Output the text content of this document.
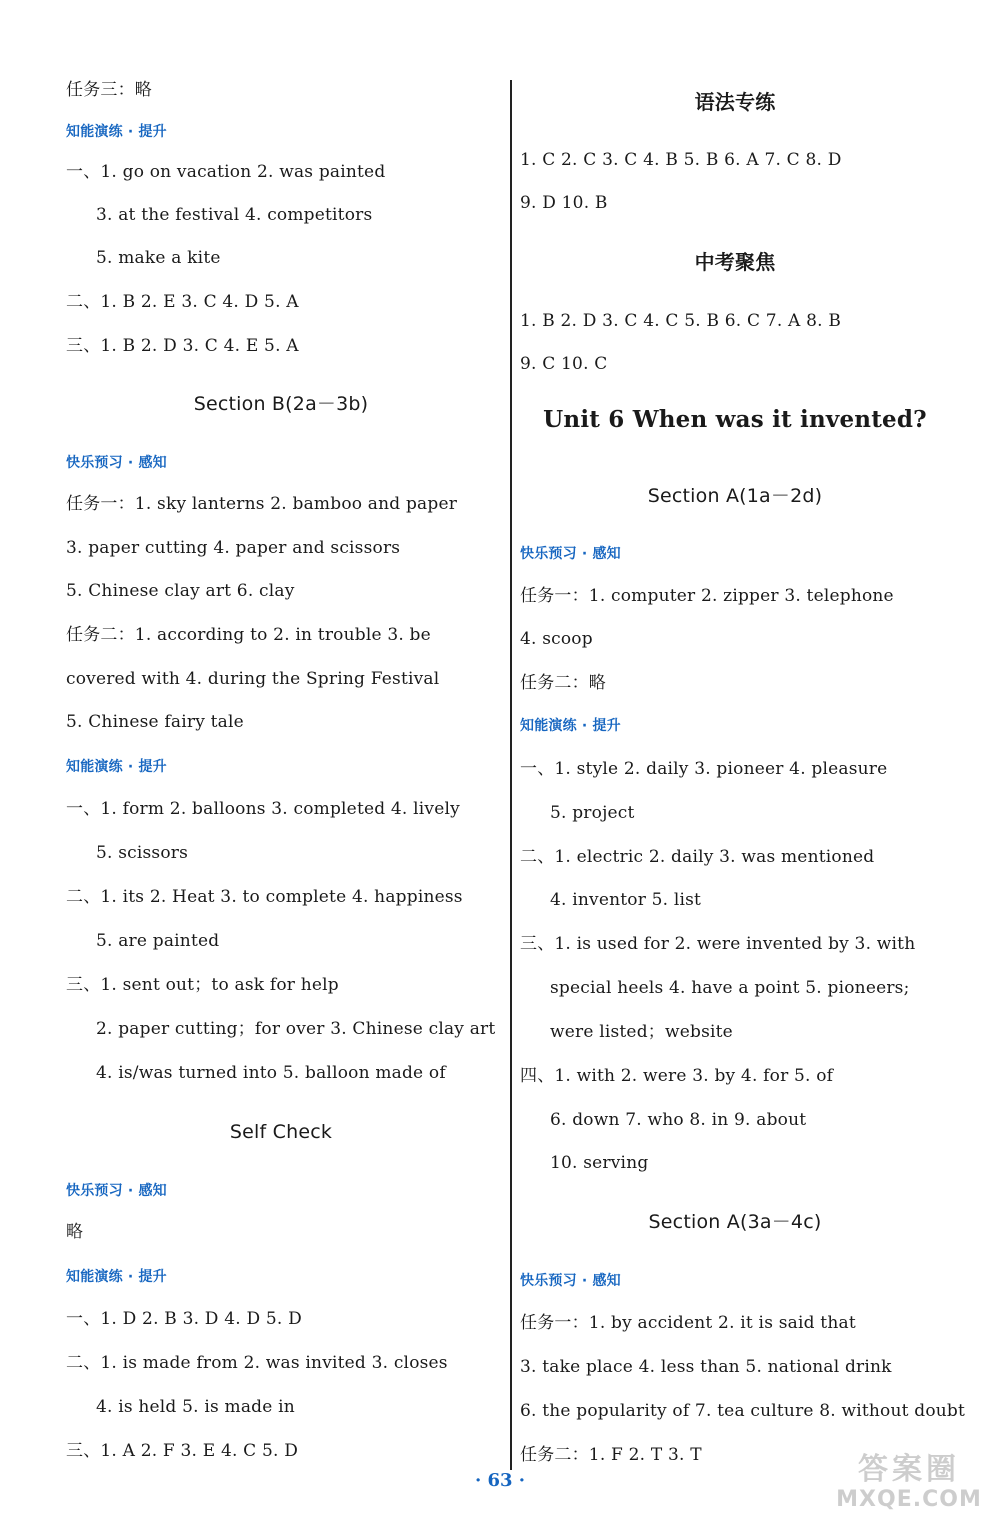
任务三：略
知能演练 · 提升
一、1. go on vacation 2. was painted
3. at the festival 4. competitors
5. make a kite
二、1. B 2. E 3. C 4. D 5. A
三、1. B 2. D 3. C 4. E 5. A
Section B(2a－3b)
快乐预习 · 感知
任务一：1. sky lanterns 2. bamboo and paper
3. paper cutting 4. paper and scissors
5. Chinese clay art 6. clay
任务二：1. according to 2. in trouble 3. be
covered with 4. during the Spring Festival
5. Chinese fairy tale
知能演练 · 提升
一、1. form 2. balloons 3. completed 4. lively
5. scissors
二、1. its 2. Heat 3. to complete 4. happiness
5. are painted
三、1. sent out；to ask for help
2. paper cutting；for over 3. Chinese clay art
4. is/was turned into 5. balloon made of
Self Check
快乐预习 · 感知
略
知能演练 · 提升
一、1. D 2. B 3. D 4. D 5. D
二、1. is made from 2. was invited 3. closes
4. is held 5. is made in
三、1. A 2. F 3. E 4. C 5. D
语法专练
1. C 2. C 3. C 4. B 5. B 6. A 7. C 8. D
9. D 10. B
中考聚焦
1. B 2. D 3. C 4. C 5. B 6. C 7. A 8. B
9. C 10. C
Unit 6 When was it invented?
Section A(1a－2d)
快乐预习 · 感知
任务一：1. computer 2. zipper 3. telephone
4. scoop
任务二：略
知能演练 · 提升
一、1. style 2. daily 3. pioneer 4. pleasure
5. project
二、1. electric 2. daily 3. was mentioned
4. inventor 5. list
三、1. is used for 2. were invented by 3. with
special heels 4. have a point 5. pioneers;
were listed；website
四、1. with 2. were 3. by 4. for 5. of
6. down 7. who 8. in 9. about
10. serving
Section A(3a－4c)
快乐预习 · 感知
任务一：1. by accident 2. it is said that
3. take place 4. less than 5. national drink
6. the popularity of 7. tea culture 8. without doubt
任务二：1. F 2. T 3. T
· 63 ·	答案圈
MXQE.COM
